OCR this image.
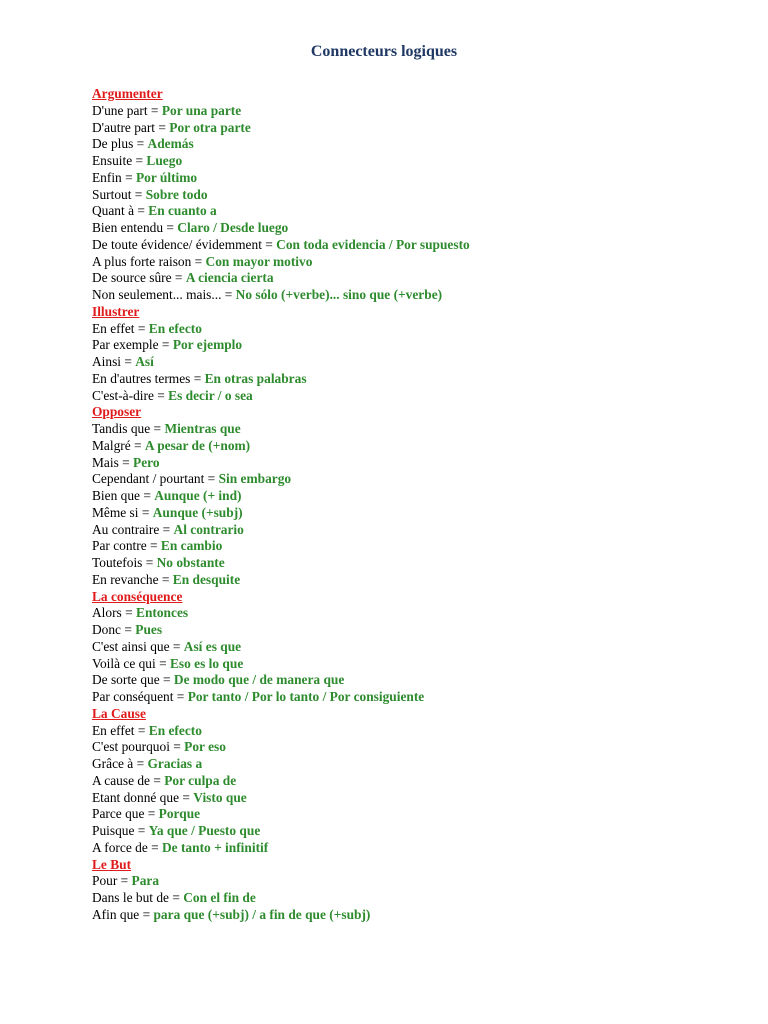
Connecteurs logiques
Argumenter
D'une part = Por una parte
D'autre part = Por otra parte
De plus = Además
Ensuite = Luego
Enfin = Por último
Surtout = Sobre todo
Quant à = En cuanto a
Bien entendu = Claro / Desde luego
De toute évidence/ évidemment = Con toda evidencia / Por supuesto
A plus forte raison = Con mayor motivo
De source sûre = A ciencia cierta
Non seulement... mais... = No sólo (+verbe)... sino que (+verbe)
Illustrer
En effet = En efecto
Par exemple = Por ejemplo
Ainsi = Así
En d'autres termes = En otras palabras
C'est-à-dire = Es decir / o sea
Opposer
Tandis que = Mientras que
Malgré = A pesar de (+nom)
Mais = Pero
Cependant / pourtant = Sin embargo
Bien que = Aunque (+ ind)
Même si = Aunque (+subj)
Au contraire = Al contrario
Par contre = En cambio
Toutefois = No obstante
En revanche = En desquite
La conséquence
Alors = Entonces
Donc = Pues
C'est ainsi que = Así es que
Voilà ce qui = Eso es lo que
De sorte que = De modo que / de manera que
Par conséquent = Por tanto / Por lo tanto / Por consiguiente
La Cause
En effet = En efecto
C'est pourquoi = Por eso
Grâce à = Gracias a
A cause de = Por culpa de
Etant donné que = Visto que
Parce que = Porque
Puisque = Ya que / Puesto que
A force de = De tanto + infinitif
Le But
Pour = Para
Dans le but de = Con el fin de
Afin que = para que (+subj) / a fin de que (+subj)
